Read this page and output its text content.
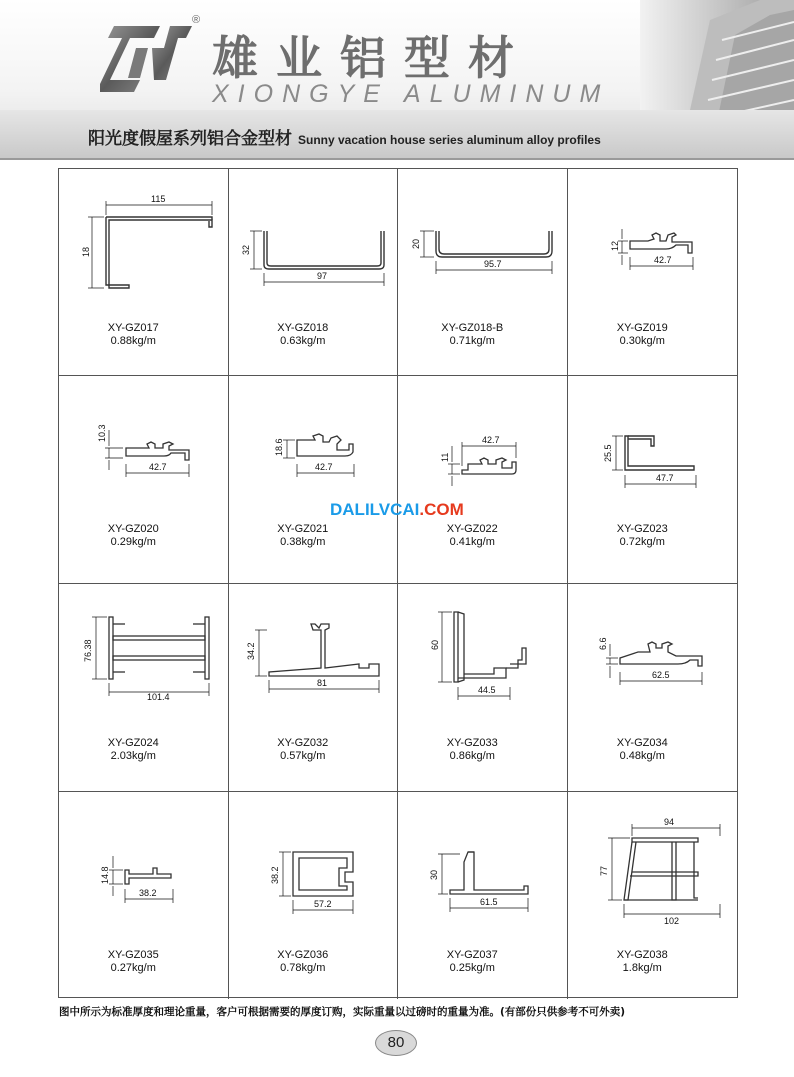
®
雄业铝型材
XIONGYE ALUMINUM
阳光度假屋系列铝合金型材 Sunny vacation house series aluminum alloy profiles
115
18
XY-GZ017
0.88kg/m
97
32
XY-GZ018
0.63kg/m
95.7
20
XY-GZ018-B
0.71kg/m
42.7
12
XY-GZ019
0.30kg/m
42.7
10.3
XY-GZ020
0.29kg/m
42.7
18.6
XY-GZ021
0.38kg/m
42.7
11
XY-GZ022
0.41kg/m
47.7
25.5
XY-GZ023
0.72kg/m
101.4
76.38
XY-GZ024
2.03kg/m
81
34.2
XY-GZ032
0.57kg/m
44.5
60
XY-GZ033
0.86kg/m
62.5
6.6
XY-GZ034
0.48kg/m
38.2
14.8
XY-GZ035
0.27kg/m
57.2
38.2
XY-GZ036
0.78kg/m
61.5
30
XY-GZ037
0.25kg/m
94
102
77
XY-GZ038
1.8kg/m
DALILVCAI.COM
图中所示为标准厚度和理论重量，客户可根据需要的厚度订购，实际重量以过磅时的重量为准。(有部份只供参考不可外卖)
80
